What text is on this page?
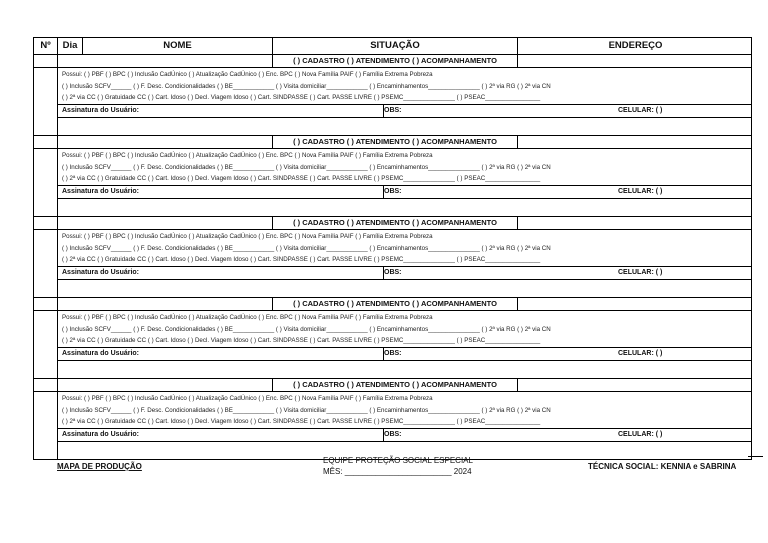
Nº	Dia	NOME	SITUAÇÃO	ENDEREÇO
( ) CADASTRO ( ) ATENDIMENTO ( ) ACOMPANHAMENTO
Possui: ( ) PBF ( ) BPC ( ) Inclusão CadÚnico ( ) Atualização CadÚnico ( ) Enc. BPC ( ) Nova Família PAIF ( ) Família Extrema Pobreza
( ) Inclusão SCFV______ ( ) F. Desc. Condicionalidades ( ) BE____________ ( ) Visita domiciliar____________ ( ) Encaminhamentos_______________ ( ) 2ª via RG ( ) 2ª via CN
( ) 2ª via CC ( ) Gratuidade CC ( ) Cart. Idoso ( ) Decl. Viagem Idoso ( ) Cart. SINDPASSE ( ) Cart. PASSE LIVRE ( ) PSEMC_______________ ( ) PSEAC________________
Assinatura do Usuário:	OBS:	CELULAR: ( )
( ) CADASTRO ( ) ATENDIMENTO ( ) ACOMPANHAMENTO
Possui: ( ) PBF ( ) BPC ( ) Inclusão CadÚnico ( ) Atualização CadÚnico ( ) Enc. BPC ( ) Nova Família PAIF ( ) Família Extrema Pobreza
( ) Inclusão SCFV______ ( ) F. Desc. Condicionalidades ( ) BE____________ ( ) Visita domiciliar____________ ( ) Encaminhamentos_______________ ( ) 2ª via RG ( ) 2ª via CN
( ) 2ª via CC ( ) Gratuidade CC ( ) Cart. Idoso ( ) Decl. Viagem Idoso ( ) Cart. SINDPASSE ( ) Cart. PASSE LIVRE ( ) PSEMC_______________ ( ) PSEAC________________
Assinatura do Usuário:	OBS:	CELULAR: ( )
( ) CADASTRO ( ) ATENDIMENTO ( ) ACOMPANHAMENTO
Possui: ( ) PBF ( ) BPC ( ) Inclusão CadÚnico ( ) Atualização CadÚnico ( ) Enc. BPC ( ) Nova Família PAIF ( ) Família Extrema Pobreza
( ) Inclusão SCFV______ ( ) F. Desc. Condicionalidades ( ) BE____________ ( ) Visita domiciliar____________ ( ) Encaminhamentos_______________ ( ) 2ª via RG ( ) 2ª via CN
( ) 2ª via CC ( ) Gratuidade CC ( ) Cart. Idoso ( ) Decl. Viagem Idoso ( ) Cart. SINDPASSE ( ) Cart. PASSE LIVRE ( ) PSEMC_______________ ( ) PSEAC________________
Assinatura do Usuário:	OBS:	CELULAR: ( )
( ) CADASTRO ( ) ATENDIMENTO ( ) ACOMPANHAMENTO
Possui: ( ) PBF ( ) BPC ( ) Inclusão CadÚnico ( ) Atualização CadÚnico ( ) Enc. BPC ( ) Nova Família PAIF ( ) Família Extrema Pobreza
( ) Inclusão SCFV______ ( ) F. Desc. Condicionalidades ( ) BE____________ ( ) Visita domiciliar____________ ( ) Encaminhamentos_______________ ( ) 2ª via RG ( ) 2ª via CN
( ) 2ª via CC ( ) Gratuidade CC ( ) Cart. Idoso ( ) Decl. Viagem Idoso ( ) Cart. SINDPASSE ( ) Cart. PASSE LIVRE ( ) PSEMC_______________ ( ) PSEAC________________
Assinatura do Usuário:	OBS:	CELULAR: ( )
( ) CADASTRO ( ) ATENDIMENTO ( ) ACOMPANHAMENTO
Possui: ( ) PBF ( ) BPC ( ) Inclusão CadÚnico ( ) Atualização CadÚnico ( ) Enc. BPC ( ) Nova Família PAIF ( ) Família Extrema Pobreza
( ) Inclusão SCFV______ ( ) F. Desc. Condicionalidades ( ) BE____________ ( ) Visita domiciliar____________ ( ) Encaminhamentos_______________ ( ) 2ª via RG ( ) 2ª via CN
( ) 2ª via CC ( ) Gratuidade CC ( ) Cart. Idoso ( ) Decl. Viagem Idoso ( ) Cart. SINDPASSE ( ) Cart. PASSE LIVRE ( ) PSEMC_______________ ( ) PSEAC________________
Assinatura do Usuário:	OBS:	CELULAR: ( )
MAPA DE PRODUÇÃO
EQUIPE PROTEÇÃO SOCIAL ESPECIAL
MÊS: ________________________ 2024
TÉCNICA SOCIAL: KENNIA e SABRINA
